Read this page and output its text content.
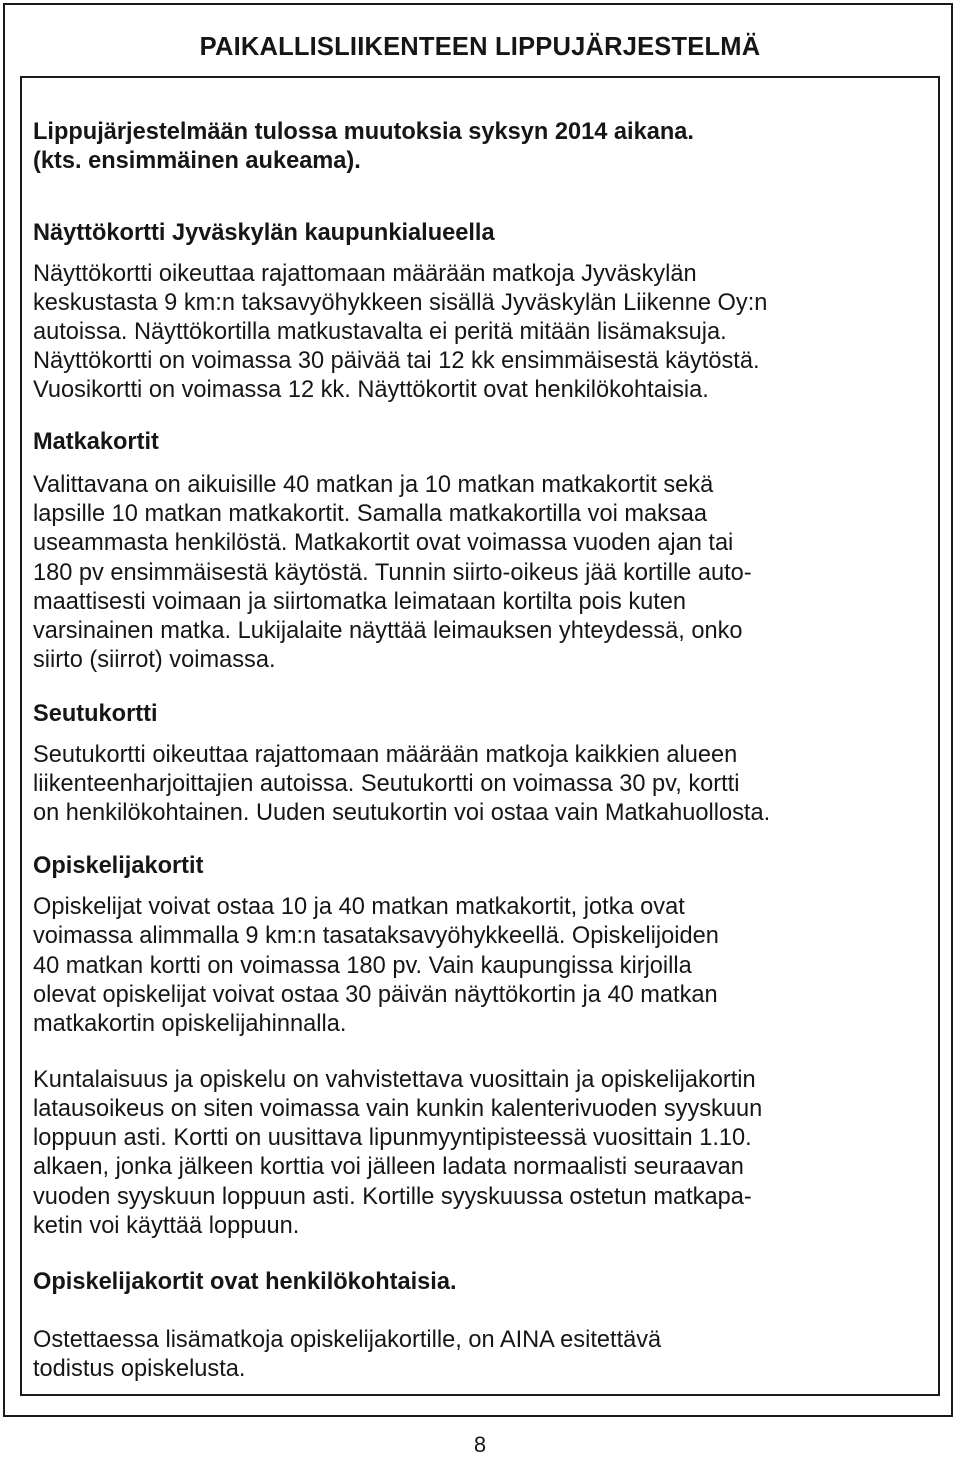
PAIKALLISLIIKENTEEN LIPPUJÄRJESTELMÄ
Lippujärjestelmään tulossa muutoksia syksyn 2014 aikana.
(kts. ensimmäinen aukeama).
Näyttökortti Jyväskylän kaupunkialueella
Näyttökortti oikeuttaa rajattomaan määrään matkoja Jyväskylän
keskustasta 9 km:n taksavyöhykkeen sisällä Jyväskylän Liikenne Oy:n
autoissa. Näyttökortilla matkustavalta ei peritä mitään lisämaksuja.
Näyttökortti on voimassa 30 päivää tai 12 kk ensimmäisestä käytöstä.
Vuosikortti on voimassa 12 kk. Näyttökortit ovat henkilökohtaisia.
Matkakortit
Valittavana on aikuisille 40 matkan ja 10 matkan matkakortit sekä
lapsille 10 matkan matkakortit. Samalla matkakortilla voi maksaa
useammasta henkilöstä. Matkakortit ovat voimassa vuoden ajan tai
180 pv ensimmäisestä käytöstä. Tunnin siirto-oikeus jää kortille auto-
maattisesti voimaan ja siirtomatka leimataan kortilta pois kuten
varsinainen matka. Lukijalaite näyttää leimauksen yhteydessä, onko
siirto (siirrot) voimassa.
Seutukortti
Seutukortti oikeuttaa rajattomaan määrään matkoja kaikkien alueen
liikenteenharjoittajien autoissa. Seutukortti on voimassa 30 pv, kortti
on henkilökohtainen. Uuden seutukortin voi ostaa vain Matkahuollosta.
Opiskelijakortit
Opiskelijat voivat ostaa 10 ja 40 matkan matkakortit, jotka ovat
voimassa alimmalla 9 km:n tasataksavyöhykkeellä. Opiskelijoiden
40 matkan kortti on voimassa 180 pv. Vain kaupungissa kirjoilla
olevat opiskelijat voivat ostaa 30 päivän näyttökortin ja 40 matkan
matkakortin opiskelijahinnalla.
Kuntalaisuus ja opiskelu on vahvistettava vuosittain ja opiskelijakortin
latausoikeus on siten voimassa vain kunkin kalenterivuoden syyskuun
loppuun asti. Kortti on uusittava lipunmyyntipisteessä vuosittain 1.10.
alkaen, jonka jälkeen korttia voi jälleen ladata normaalisti seuraavan
vuoden syyskuun loppuun asti. Kortille syyskuussa ostetun matkapa-
ketin voi käyttää loppuun.
Opiskelijakortit ovat henkilökohtaisia.
Ostettaessa lisämatkoja opiskelijakortille, on AINA esitettävä
todistus opiskelusta.
8
